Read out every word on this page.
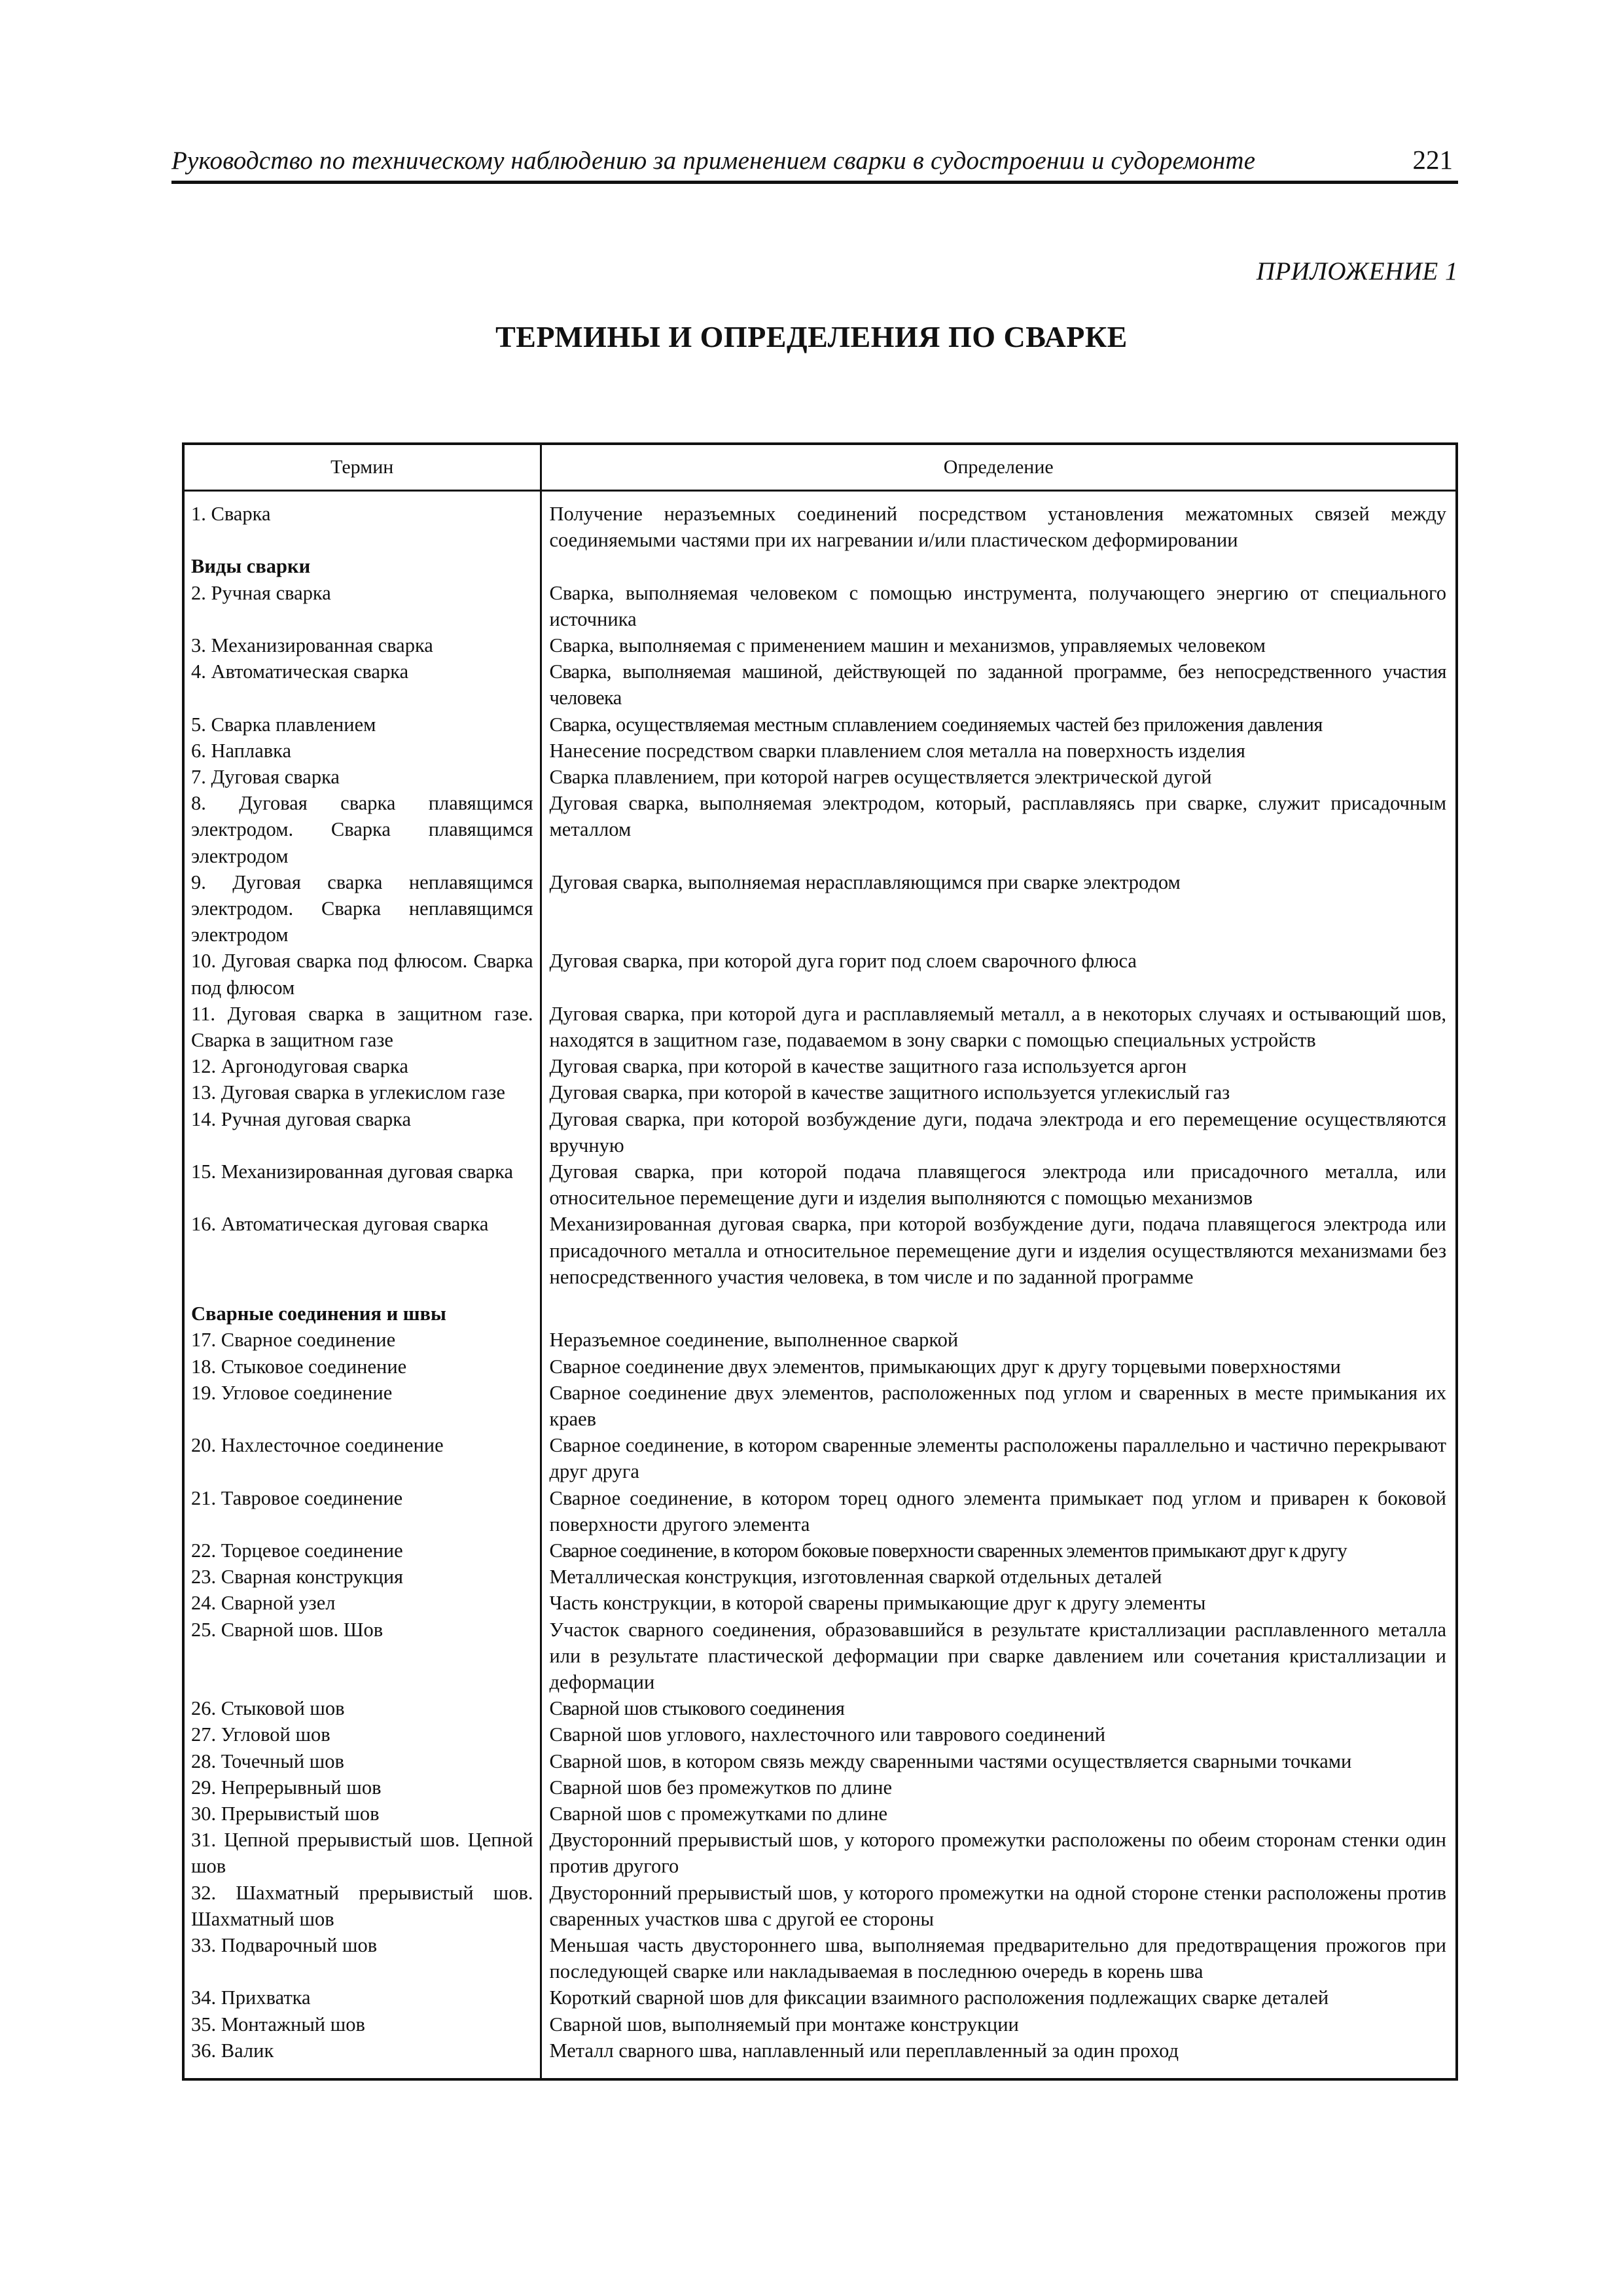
Руководство по техническому наблюдению за применением сварки в судостроении и судоремонте	221
ПРИЛОЖЕНИЕ 1
ТЕРМИНЫ И ОПРЕДЕЛЕНИЯ ПО СВАРКЕ
Термин	Определение
1. Сварка	Получение неразъемных соединений посредством установления межатомных связей между соединяемыми частями при их нагревании и/или пластическом деформировании
Виды сварки	
2. Ручная сварка	Сварка, выполняемая человеком с помощью инструмента, получающего энергию от специального источника
3. Механизированная сварка	Сварка, выполняемая с применением машин и механизмов, управляемых человеком
4. Автоматическая сварка	Сварка, выполняемая машиной, действующей по заданной программе, без непосредственного участия человека
5. Сварка плавлением	Сварка, осуществляемая местным сплавлением соединяемых частей без приложения давления
6. Наплавка	Нанесение посредством сварки плавлением слоя металла на поверхность изделия
7. Дуговая сварка	Сварка плавлением, при которой нагрев осуществляется электрической дугой
8. Дуговая сварка плавящимся электродом. Сварка плавящимся электродом	Дуговая сварка, выполняемая электродом, который, расплавляясь при сварке, служит присадочным металлом
9. Дуговая сварка неплавящимся электродом. Сварка неплавящимся электродом	Дуговая сварка, выполняемая нерасплавляющимся при сварке электродом
10. Дуговая сварка под флюсом. Сварка под флюсом	Дуговая сварка, при которой дуга горит под слоем сварочного флюса
11. Дуговая сварка в защитном газе. Сварка в защитном газе	Дуговая сварка, при которой дуга и расплавляемый металл, а в некоторых случаях и остывающий шов, находятся в защитном газе, подаваемом в зону сварки с помощью специальных устройств
12. Аргонодуговая сварка	Дуговая сварка, при которой в качестве защитного газа используется аргон
13. Дуговая сварка в углекислом газе	Дуговая сварка, при которой в качестве защитного используется углекислый газ
14. Ручная дуговая сварка	Дуговая сварка, при которой возбуждение дуги, подача электрода и его перемещение осуществляются вручную
15. Механизированная дуговая сварка	Дуговая сварка, при которой подача плавящегося электрода или присадочного металла, или относительное перемещение дуги и изделия выполняются с помощью механизмов
16. Автоматическая дуговая сварка	Механизированная дуговая сварка, при которой возбуждение дуги, подача плавящегося электрода или присадочного металла и относительное перемещение дуги и изделия осуществляются механизмами без непосредственного участия человека, в том числе и по заданной программе
Сварные соединения и швы	
17. Сварное соединение	Неразъемное соединение, выполненное сваркой
18. Стыковое соединение	Сварное соединение двух элементов, примыкающих друг к другу торцевыми поверхностями
19. Угловое соединение	Сварное соединение двух элементов, расположенных под углом и сваренных в месте примыкания их краев
20. Нахлесточное соединение	Сварное соединение, в котором сваренные элементы расположены параллельно и частично перекрывают друг друга
21. Тавровое соединение	Сварное соединение, в котором торец одного элемента примыкает под углом и приварен к боковой поверхности другого элемента
22. Торцевое соединение	Сварное соединение, в котором боковые поверхности сваренных элементов примыкают друг к другу
23. Сварная конструкция	Металлическая конструкция, изготовленная сваркой отдельных деталей
24. Сварной узел	Часть конструкции, в которой сварены примыкающие друг к другу элементы
25. Сварной шов. Шов	Участок сварного соединения, образовавшийся в результате кристаллизации расплавленного металла или в результате пластической деформации при сварке давлением или сочетания кристаллизации и деформации
26. Стыковой шов	Сварной шов стыкового соединения
27. Угловой шов	Сварной шов углового, нахлесточного или таврового соединений
28. Точечный шов	Сварной шов, в котором связь между сваренными частями осуществляется сварными точками
29. Непрерывный шов	Сварной шов без промежутков по длине
30. Прерывистый шов	Сварной шов с промежутками по длине
31. Цепной прерывистый шов. Цепной шов	Двусторонний прерывистый шов, у которого промежутки расположены по обеим сторонам стенки один против другого
32. Шахматный прерывистый шов. Шахматный шов	Двусторонний прерывистый шов, у которого промежутки на одной стороне стенки расположены против сваренных участков шва с другой ее стороны
33. Подварочный шов	Меньшая часть двустороннего шва, выполняемая предварительно для предотвращения прожогов при последующей сварке или накладываемая в последнюю очередь в корень шва
34. Прихватка	Короткий сварной шов для фиксации взаимного расположения подлежащих сварке деталей
35. Монтажный шов	Сварной шов, выполняемый при монтаже конструкции
36. Валик	Металл сварного шва, наплавленный или переплавленный за один проход
